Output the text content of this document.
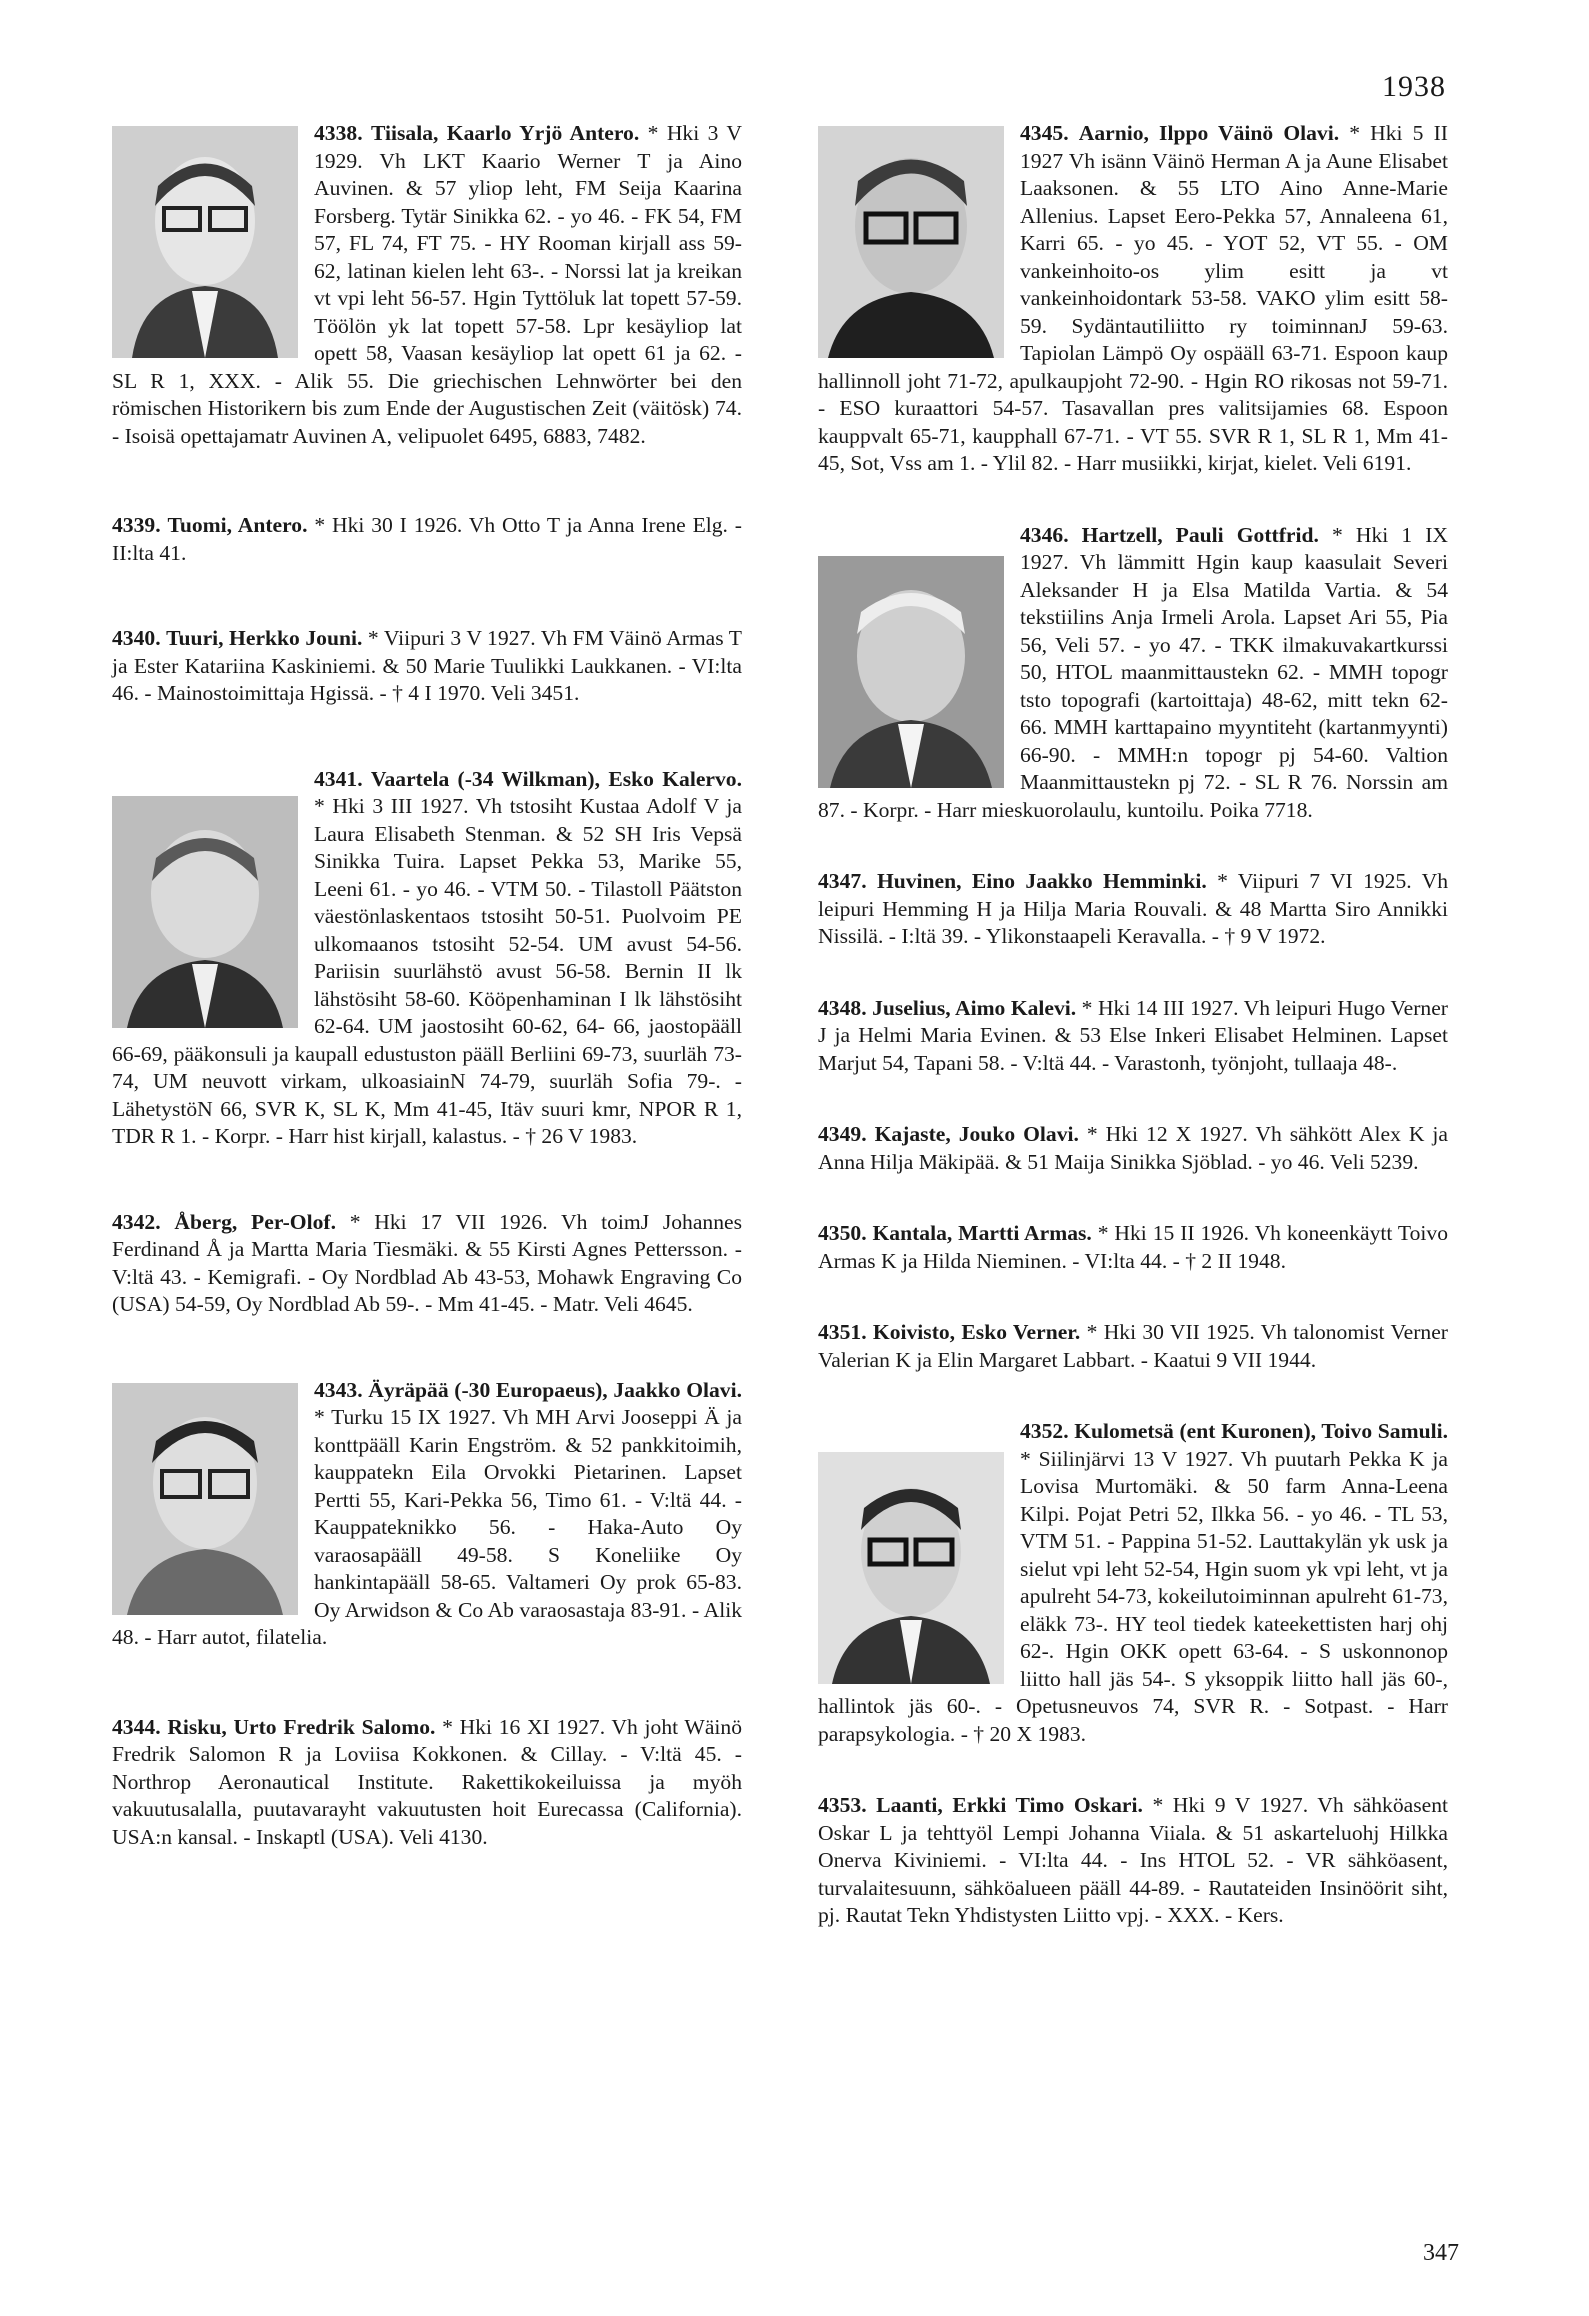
1938

4338. Tiisala, Kaarlo Yrjö Antero. * Hki 3 V 1929. Vh LKT Kaario Werner T ja Aino Auvinen. & 57 yliop leht, FM Seija Kaarina Forsberg. Tytär Sinikka 62. - yo 46. - FK 54, FM 57, FL 74, FT 75. - HY Rooman kirjall ass 59-62, latinan kielen leht 63-. - Norssi lat ja kreikan vt vpi leht 56-57. Hgin Tyttöluk lat topett 57-59. Töölön yk lat topett 57-58. Lpr kesäyliop lat opett 58, Vaasan kesäyliop lat opett 61 ja 62. - SL R 1, XXX. - Alik 55. Die griechischen Lehnwörter bei den römischen Historikern bis zum Ende der Augustischen Zeit (väitösk) 74. - Isoisä opettajamatr Auvinen A, velipuolet 6495, 6883, 7482.

4339. Tuomi, Antero. * Hki 30 I 1926. Vh Otto T ja Anna Irene Elg. - II:lta 41.

4340. Tuuri, Herkko Jouni. * Viipuri 3 V 1927. Vh FM Väinö Armas T ja Ester Katariina Kaskiniemi. & 50 Marie Tuulikki Laukkanen. - VI:lta 46. - Mainostoimittaja Hgissä. - † 4 I 1970. Veli 3451.

4341. Vaartela (-34 Wilkman), Esko Kalervo. * Hki 3 III 1927. Vh tstosiht Kustaa Adolf V ja Laura Elisabeth Stenman. & 52 SH Iris Vepsä Sinikka Tuira. Lapset Pekka 53, Marike 55, Leeni 61. - yo 46. - VTM 50. - Tilastoll Päätston väestönlaskentaos tstosiht 50-51. Puolvoim PE ulkomaanos tstosiht 52-54. UM avust 54-56. Pariisin suurlähstö avust 56-58. Bernin II lk lähstösiht 58-60. Kööpenhaminan I lk lähstösiht 62-64. UM jaostosiht 60-62, 64- 66, jaostopääll 66-69, pääkonsuli ja kaupall edustuston pääll Berliini 69-73, suurläh 73-74, UM neuvott virkam, ulkoasiainN 74-79, suurläh Sofia 79-. - LähetystöN 66, SVR K, SL K, Mm 41-45, Itäv suuri kmr, NPOR R 1, TDR R 1. - Korpr. - Harr hist kirjall, kalastus. - † 26 V 1983.

4342. Åberg, Per-Olof. * Hki 17 VII 1926. Vh toimJ Johannes Ferdinand Å ja Martta Maria Tiesmäki. & 55 Kirsti Agnes Pettersson. - V:ltä 43. - Kemigrafi. - Oy Nordblad Ab 43-53, Mohawk Engraving Co (USA) 54-59, Oy Nordblad Ab 59-. - Mm 41-45. - Matr. Veli 4645.

4343. Äyräpää (-30 Europaeus), Jaakko Olavi. * Turku 15 IX 1927. Vh MH Arvi Jooseppi Ä ja konttpääll Karin Engström. & 52 pankkitoimih, kauppatekn Eila Orvokki Pietarinen. Lapset Pertti 55, Kari-Pekka 56, Timo 61. - V:ltä 44. - Kauppateknikko 56. - Haka-Auto Oy varaosapääll 49-58. S Koneliike Oy hankintapääll 58-65. Valtameri Oy prok 65-83. Oy Arwidson & Co Ab varaosastaja 83-91. - Alik 48. - Harr autot, filatelia.

4344. Risku, Urto Fredrik Salomo. * Hki 16 XI 1927. Vh joht Wäinö Fredrik Salomon R ja Loviisa Kokkonen. & Cillay. - V:ltä 45. - Northrop Aeronautical Institute. Rakettikokeiluissa ja myöh vakuutusalalla, puutavarayht vakuutusten hoit Eurecassa (California). USA:n kansal. - Inskaptl (USA). Veli 4130.

4345. Aarnio, Ilppo Väinö Olavi. * Hki 5 II 1927 Vh isänn Väinö Herman A ja Aune Elisabet Laaksonen. & 55 LTO Aino Anne-Marie Allenius. Lapset Eero-Pekka 57, Annaleena 61, Karri 65. - yo 45. - YOT 52, VT 55. - OM vankeinhoito-os ylim esitt ja vt vankeinhoidontark 53-58. VAKO ylim esitt 58-59. Sydäntautiliitto ry toiminnanJ 59-63. Tapiolan Lämpö Oy ospääll 63-71. Espoon kaup hallinnoll joht 71-72, apulkaupjoht 72-90. - Hgin RO rikosas not 59-71. - ESO kuraattori 54-57. Tasavallan pres valitsijamies 68. Espoon kauppvalt 65-71, kaupphall 67-71. - VT 55. SVR R 1, SL R 1, Mm 41-45, Sot, Vss am 1. - Ylil 82. - Harr musiikki, kirjat, kielet. Veli 6191.

4346. Hartzell, Pauli Gottfrid. * Hki 1 IX 1927. Vh lämmitt Hgin kaup kaasulait Severi Aleksander H ja Elsa Matilda Vartia. & 54 tekstiilins Anja Irmeli Arola. Lapset Ari 55, Pia 56, Veli 57. - yo 47. - TKK ilmakuvakartkurssi 50, HTOL maanmittaustekn 62. - MMH topogr tsto topografi (kartoittaja) 48-62, mitt tekn 62-66. MMH karttapaino myyntiteht (kartanmyynti) 66-90. - MMH:n topogr pj 54-60. Valtion Maanmittaustekn pj 72. - SL R 76. Norssin am 87. - Korpr. - Harr mieskuorolaulu, kuntoilu. Poika 7718.

4347. Huvinen, Eino Jaakko Hemminki. * Viipuri 7 VI 1925. Vh leipuri Hemming H ja Hilja Maria Rouvali. & 48 Martta Siro Annikki Nissilä. - I:ltä 39. - Ylikonstaapeli Keravalla. - † 9 V 1972.

4348. Juselius, Aimo Kalevi. * Hki 14 III 1927. Vh leipuri Hugo Verner J ja Helmi Maria Evinen. & 53 Else Inkeri Elisabet Helminen. Lapset Marjut 54, Tapani 58. - V:ltä 44. - Varastonh, työnjoht, tullaaja 48-.

4349. Kajaste, Jouko Olavi. * Hki 12 X 1927. Vh sähkött Alex K ja Anna Hilja Mäkipää. & 51 Maija Sinikka Sjöblad. - yo 46. Veli 5239.

4350. Kantala, Martti Armas. * Hki 15 II 1926. Vh koneenkäytt Toivo Armas K ja Hilda Nieminen. - VI:lta 44. - † 2 II 1948.

4351. Koivisto, Esko Verner. * Hki 30 VII 1925. Vh talonomist Verner Valerian K ja Elin Margaret Labbart. - Kaatui 9 VII 1944.

4352. Kulometsä (ent Kuronen), Toivo Samuli. * Siilinjärvi 13 V 1927. Vh puutarh Pekka K ja Lovisa Murtomäki. & 50 farm Anna-Leena Kilpi. Pojat Petri 52, Ilkka 56. - yo 46. - TL 53, VTM 51. - Pappina 51-52. Lauttakylän yk usk ja sielut vpi leht 52-54, Hgin suom yk vpi leht, vt ja apulreht 54-73, kokeilutoiminnan apulreht 61-73, eläkk 73-. HY teol tiedek kateekettisten harj ohj 62-. Hgin OKK opett 63-64. - S uskonnonop liitto hall jäs 54-. S yksoppik liitto hall jäs 60-, hallintok jäs 60-. - Opetusneuvos 74, SVR R. - Sotpast. - Harr parapsykologia. - † 20 X 1983.

4353. Laanti, Erkki Timo Oskari. * Hki 9 V 1927. Vh sähköasent Oskar L ja tehttyöl Lempi Johanna Viiala. & 51 askarteluohj Hilkka Onerva Kiviniemi. - VI:lta 44. - Ins HTOL 52. - VR sähköasent, turvalaitesuunn, sähköalueen pääll 44-89. - Rautateiden Insinöörit siht, pj. Rautat Tekn Yhdistysten Liitto vpj. - XXX. - Kers.

347
